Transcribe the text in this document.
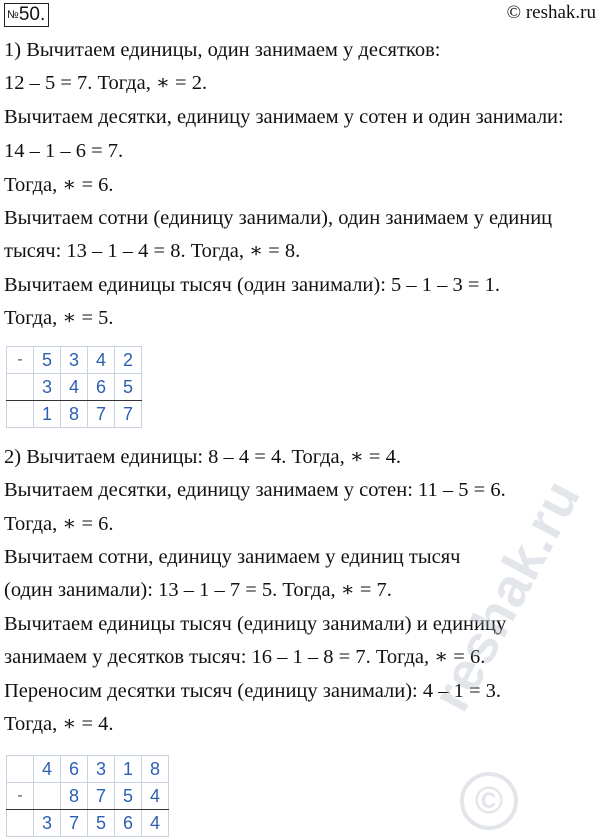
№50.	© reshak.ru
1) Вычитаем единицы, один занимаем у десятков:
12 – 5 = 7. Тогда, ∗ = 2.
Вычитаем десятки, единицу занимаем у сотен и один занимали:
14 – 1 – 6 = 7.
Тогда, ∗ = 6.
Вычитаем сотни (единицу занимали), один занимаем у единиц
тысяч: 13 – 1 – 4 = 8. Тогда, ∗ = 8.
Вычитаем единицы тысяч (один занимали): 5 – 1 – 3 = 1.
Тогда, ∗ = 5.
-	5	3	4	2
	3	4	6	5
	1	8	7	7
2) Вычитаем единицы: 8 – 4 = 4. Тогда, ∗ = 4.
Вычитаем десятки, единицу занимаем у сотен: 11 – 5 = 6.
Тогда, ∗ = 6.
Вычитаем сотни, единицу занимаем у единиц тысяч
(один занимали): 13 – 1 – 7 = 5. Тогда, ∗ = 7.
Вычитаем единицы тысяч (единицу занимали) и единицу
занимаем у десятков тысяч: 16 – 1 – 8 = 7. Тогда, ∗ = 6.
Переносим десятки тысяч (единицу занимали): 4 – 1 = 3.
Тогда, ∗ = 4.
	4	6	3	1	8
-		8	7	5	4
	3	7	5	6	4
reshak.ru
©
